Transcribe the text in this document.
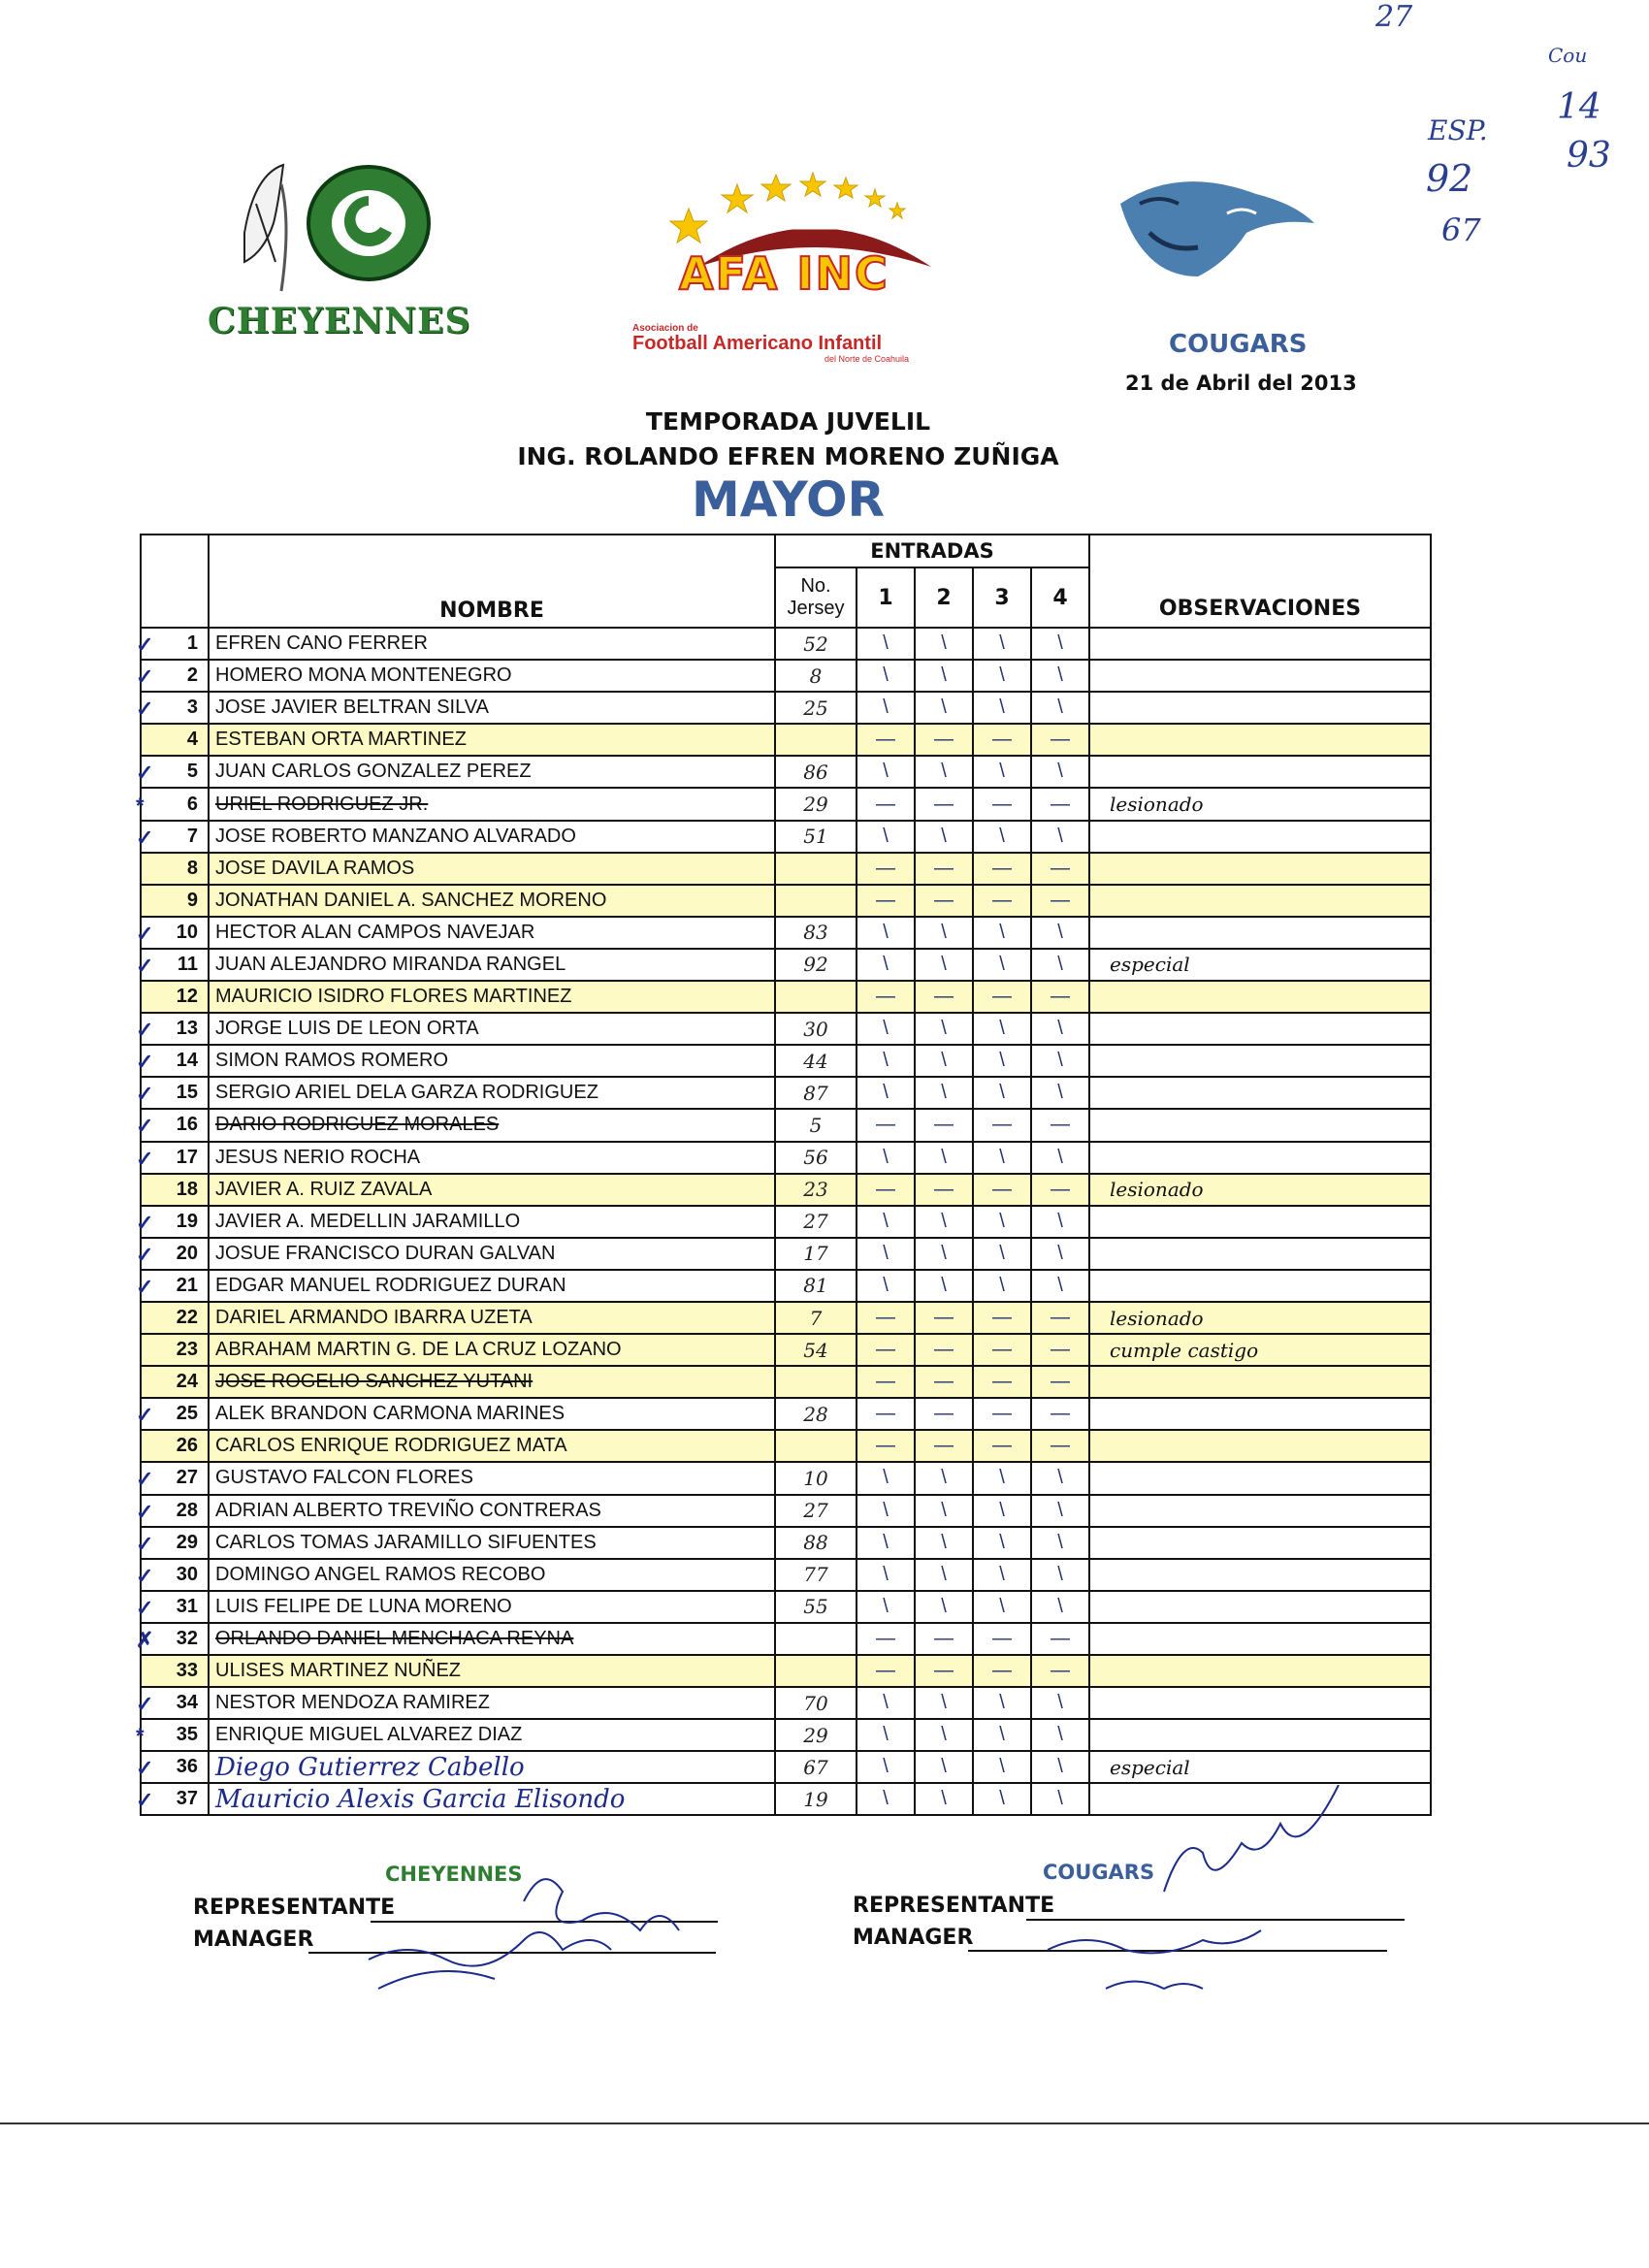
27
Cou
ESP.
14
92
93
67
CHEYENNES
AFA INC
Asociacion de
Football Americano Infantil
del Norte de Coahuila	COUGARS
21 de Abril del 2013
TEMPORADA JUVELIL
ING. ROLANDO EFREN MORENO ZUÑIGA
MAYOR
	NOMBRE	ENTRADAS					OBSERVACIONES

		No.
Jersey	1	2	3	4	

✓ 1	EFREN CANO FERRER	52	\	\	\	\	

✓ 2	HOMERO MONA MONTENEGRO	8	\	\	\	\	

✓ 3	JOSE JAVIER BELTRAN SILVA	25	\	\	\	\	

4	ESTEBAN ORTA MARTINEZ		—	—	—	—	

✓ 5	JUAN CARLOS GONZALEZ PEREZ	86	\	\	\	\	

* 6	URIEL RODRIGUEZ JR.	29	—	—	—	—	lesionado

✓ 7	JOSE ROBERTO MANZANO ALVARADO	51	\	\	\	\	

8	JOSE DAVILA RAMOS		—	—	—	—	

9	JONATHAN DANIEL A. SANCHEZ MORENO		—	—	—	—	

✓ 10	HECTOR ALAN CAMPOS NAVEJAR	83	\	\	\	\	

✓ 11	JUAN ALEJANDRO MIRANDA RANGEL	92	\	\	\	\	especial

12	MAURICIO ISIDRO FLORES MARTINEZ		—	—	—	—	

✓ 13	JORGE LUIS DE LEON ORTA	30	\	\	\	\	

✓ 14	SIMON RAMOS ROMERO	44	\	\	\	\	

✓ 15	SERGIO ARIEL DELA GARZA RODRIGUEZ	87	\	\	\	\	

✓ 16	DARIO RODRIGUEZ MORALES	5	—	—	—	—	

✓ 17	JESUS NERIO ROCHA	56	\	\	\	\	

18	JAVIER A. RUIZ ZAVALA	23	—	—	—	—	lesionado

✓ 19	JAVIER A. MEDELLIN JARAMILLO	27	\	\	\	\	

✓ 20	JOSUE FRANCISCO DURAN GALVAN	17	\	\	\	\	

✓ 21	EDGAR MANUEL RODRIGUEZ DURAN	81	\	\	\	\	

22	DARIEL ARMANDO IBARRA UZETA	7	—	—	—	—	lesionado

23	ABRAHAM MARTIN G. DE LA CRUZ LOZANO	54	—	—	—	—	cumple castigo

24	JOSE ROGELIO SANCHEZ YUTANI		—	—	—	—	

✓ 25	ALEK BRANDON CARMONA MARINES	28	—	—	—	—	

26	CARLOS ENRIQUE RODRIGUEZ MATA		—	—	—	—	

✓ 27	GUSTAVO FALCON FLORES	10	\	\	\	\	

✓ 28	ADRIAN ALBERTO TREVIÑO CONTRERAS	27	\	\	\	\	

✓ 29	CARLOS TOMAS JARAMILLO SIFUENTES	88	\	\	\	\	

✓ 30	DOMINGO ANGEL RAMOS RECOBO	77	\	\	\	\	

✓ 31	LUIS FELIPE DE LUNA MORENO	55	\	\	\	\	

✗ 32	ORLANDO DANIEL MENCHACA REYNA		—	—	—	—	

33	ULISES MARTINEZ NUÑEZ		—	—	—	—	

✓ 34	NESTOR MENDOZA RAMIREZ	70	\	\	\	\	

* 35	ENRIQUE MIGUEL ALVAREZ DIAZ	29	\	\	\	\	

✓ 36	Diego Gutierrez Cabello	67	\	\	\	\	especial

✓ 37	Mauricio Alexis Garcia Elisondo	19	\	\	\	\	
CHEYENNES
REPRESENTANTE
MANAGER
COUGARS
REPRESENTANTE
MANAGER
